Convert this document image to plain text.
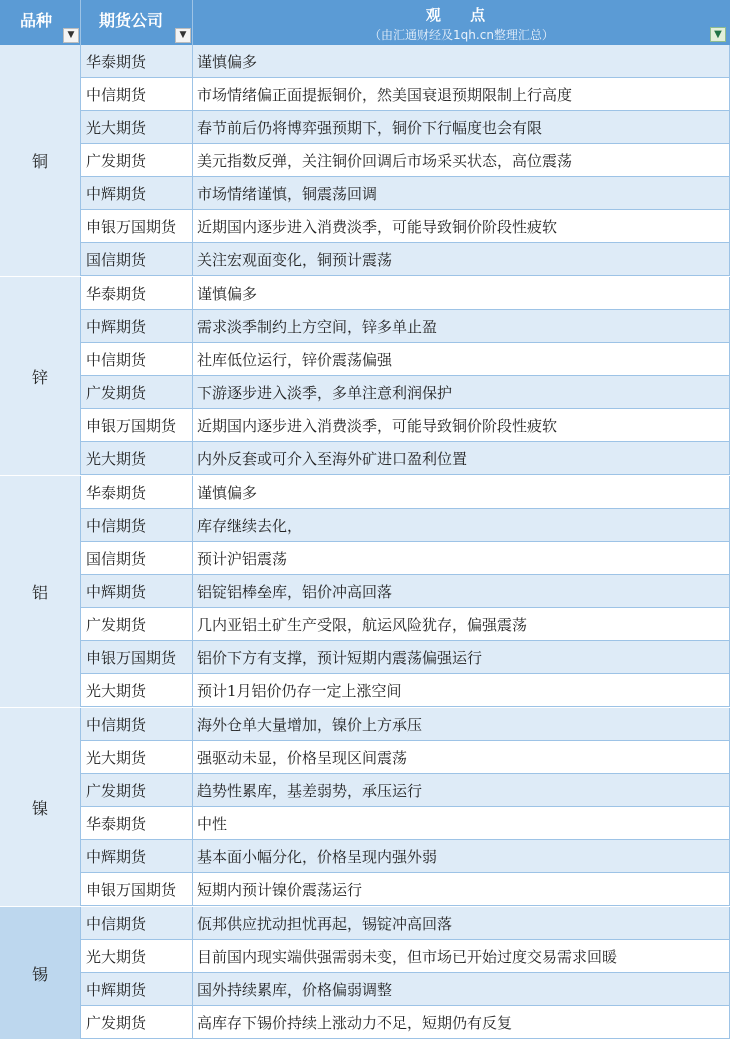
品种
▼
期货公司
▼
观 点
（由汇通财经及1qh.cn整理汇总）	▼
铜
华泰期货	谨慎偏多
中信期货	市场情绪偏正面提振铜价，然美国衰退预期限制上行高度
光大期货	春节前后仍将博弈强预期下，铜价下行幅度也会有限
广发期货	美元指数反弹，关注铜价回调后市场采买状态，高位震荡
中辉期货	市场情绪谨慎，铜震荡回调
申银万国期货	近期国内逐步进入消费淡季，可能导致铜价阶段性疲软
国信期货	关注宏观面变化，铜预计震荡
锌
华泰期货	谨慎偏多
中辉期货	需求淡季制约上方空间，锌多单止盈
中信期货	社库低位运行，锌价震荡偏强
广发期货	下游逐步进入淡季，多单注意利润保护
申银万国期货	近期国内逐步进入消费淡季，可能导致铜价阶段性疲软
光大期货	内外反套或可介入至海外矿进口盈利位置
铝
华泰期货	谨慎偏多
中信期货	库存继续去化，
国信期货	预计沪铝震荡
中辉期货	铝锭铝棒垒库，铝价冲高回落
广发期货	几内亚铝土矿生产受限，航运风险犹存，偏强震荡
申银万国期货	铝价下方有支撑，预计短期内震荡偏强运行
光大期货	预计1月铝价仍存一定上涨空间
镍
中信期货	海外仓单大量增加，镍价上方承压
光大期货	强驱动未显，价格呈现区间震荡
广发期货	趋势性累库，基差弱势，承压运行
华泰期货	中性
中辉期货	基本面小幅分化，价格呈现内强外弱
申银万国期货	短期内预计镍价震荡运行
锡
中信期货	佤邦供应扰动担忧再起，锡锭冲高回落
光大期货	目前国内现实端供强需弱未变，但市场已开始过度交易需求回暖
中辉期货	国外持续累库，价格偏弱调整
广发期货	高库存下锡价持续上涨动力不足，短期仍有反复
